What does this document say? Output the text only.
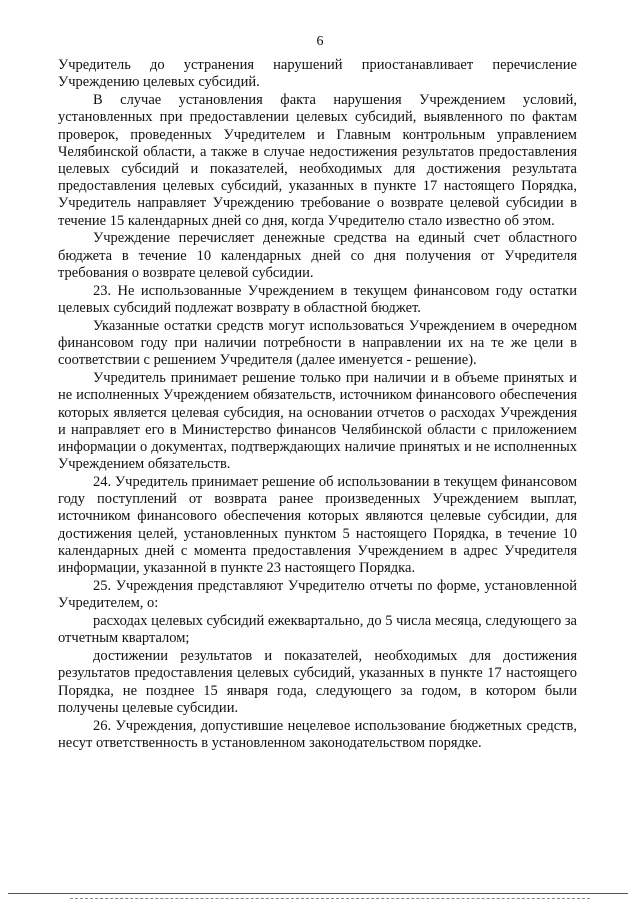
6

Учредитель до устранения нарушений приостанавливает перечисление Учреждению целевых субсидий.

В случае установления факта нарушения Учреждением условий, установленных при предоставлении целевых субсидий, выявленного по фактам проверок, проведенных Учредителем и Главным контрольным управлением Челябинской области, а также в случае недостижения результатов предоставления целевых субсидий и показателей, необходимых для достижения результата предоставления целевых субсидий, указанных в пункте 17 настоящего Порядка, Учредитель направляет Учреждению требование о возврате целевой субсидии в течение 15 календарных дней со дня, когда Учредителю стало известно об этом.

Учреждение перечисляет денежные средства на единый счет областного бюджета в течение 10 календарных дней со дня получения от Учредителя требования о возврате целевой субсидии.

23. Не использованные Учреждением в текущем финансовом году остатки целевых субсидий подлежат возврату в областной бюджет.

Указанные остатки средств могут использоваться Учреждением в очередном финансовом году при наличии потребности в направлении их на те же цели в соответствии с решением Учредителя (далее именуется - решение).

Учредитель принимает решение только при наличии и в объеме принятых и не исполненных Учреждением обязательств, источником финансового обеспечения которых является целевая субсидия, на основании отчетов о расходах Учреждения и направляет его в Министерство финансов Челябинской области с приложением информации о документах, подтверждающих наличие принятых и не исполненных Учреждением обязательств.

24. Учредитель принимает решение об использовании в текущем финансовом году поступлений от возврата ранее произведенных Учреждением выплат, источником финансового обеспечения которых являются целевые субсидии, для достижения целей, установленных пунктом 5 настоящего Порядка, в течение 10 календарных дней с момента предоставления Учреждением в адрес Учредителя информации, указанной в пункте 23 настоящего Порядка.

25. Учреждения представляют Учредителю отчеты по форме, установленной Учредителем, о:

расходах целевых субсидий ежеквартально, до 5 числа месяца, следующего за отчетным кварталом;

достижении результатов и показателей, необходимых для достижения результатов предоставления целевых субсидий, указанных в пункте 17 настоящего Порядка, не позднее 15 января года, следующего за годом, в котором были получены целевые субсидии.

26. Учреждения, допустившие нецелевое использование бюджетных средств, несут ответственность в установленном законодательством порядке.
